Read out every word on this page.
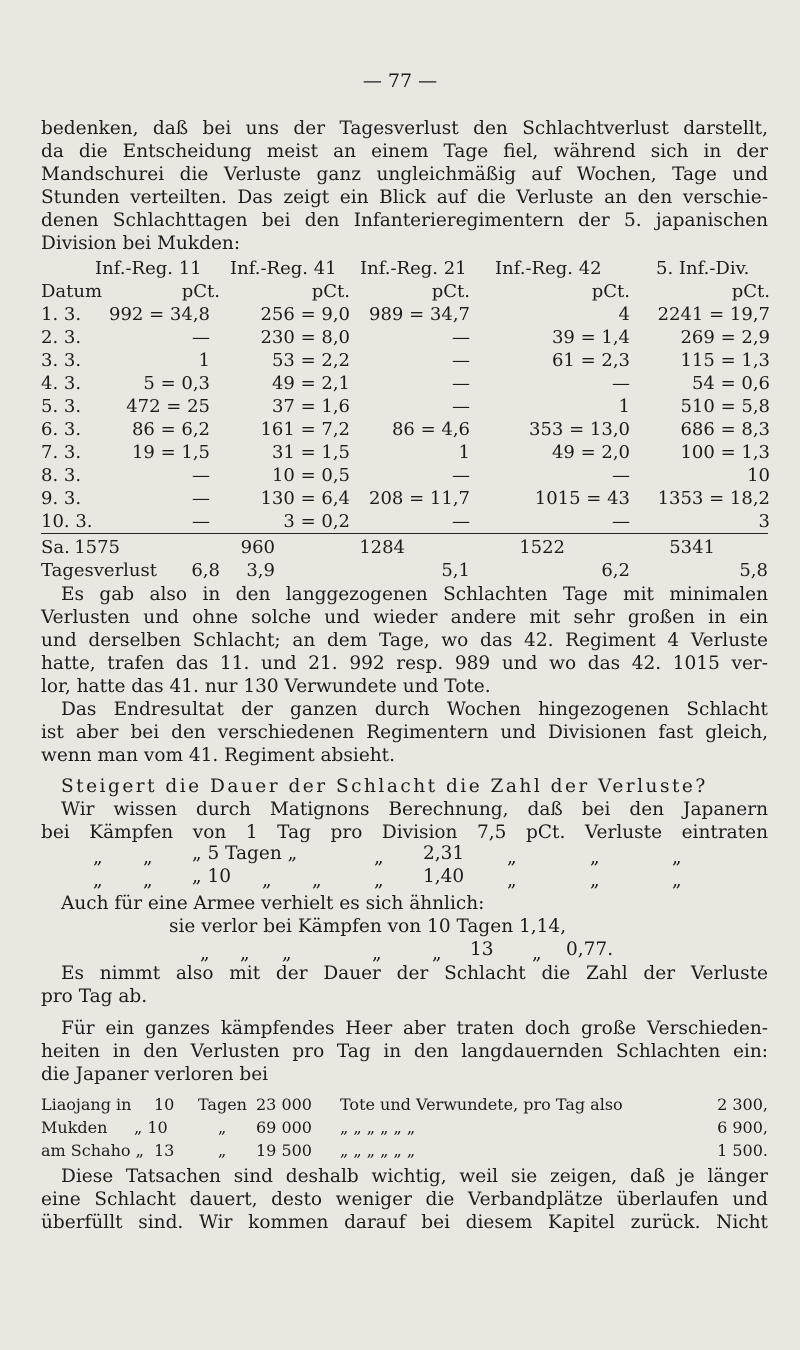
— 77 —
bedenken, daß bei uns der Tagesverlust den Schlachtverlust darstellt,
da die Entscheidung meist an einem Tage fiel, während sich in der
Mandschurei die Verluste ganz ungleichmäßig auf Wochen, Tage und
Stunden verteilten. Das zeigt ein Blick auf die Verluste an den verschie-
denen Schlachttagen bei den Infanterieregimentern der 5. japanischen
Division bei Mukden:
Inf.-Reg. 11 Inf.-Reg. 41 Inf.-Reg. 21 Inf.-Reg. 42	5. Inf.-Div.
Datum	pCt.	pCt.	pCt.	pCt.	pCt.
1. 3.	992 = 34,8	256 = 9,0	989 = 34,7	4	2241 = 19,7
2. 3.	—	230 = 8,0	—	39 = 1,4	269 = 2,9
3. 3.	1	53 = 2,2	—	61 = 2,3	115 = 1,3
4. 3.	5 = 0,3	49 = 2,1	—	—	54 = 0,6
5. 3.	472 = 25	37 = 1,6	—	1	510 = 5,8
6. 3.	86 = 6,2	161 = 7,2	86 = 4,6	353 = 13,0	686 = 8,3
7. 3.	19 = 1,5	31 = 1,5	1	49 = 2,0	100 = 1,3
8. 3.	—	10 = 0,5	—	—	10
9. 3.	—	130 = 6,4	208 = 11,7	1015 = 43	1353 = 18,2
10. 3.	—	3 = 0,2	—	—	3
Sa. 1575	960	1284	1522	5341
Tagesverlust	6,8	3,9	5,1	6,2	5,8
Es gab also in den langgezogenen Schlachten Tage mit minimalen
Verlusten und ohne solche und wieder andere mit sehr großen in ein
und derselben Schlacht; an dem Tage, wo das 42. Regiment 4 Verluste
hatte, trafen das 11. und 21. 992 resp. 989 und wo das 42. 1015 ver-
lor, hatte das 41. nur 130 Verwundete und Tote.
Das Endresultat der ganzen durch Wochen hingezogenen Schlacht
ist aber bei den verschiedenen Regimentern und Divisionen fast gleich,
wenn man vom 41. Regiment absieht.
Steigert die Dauer der Schlacht die Zahl der Verluste?
Wir wissen durch Matignons Berechnung, daß bei den Japanern
bei Kämpfen von 1 Tag pro Division 7,5 pCt. Verluste eintraten
„ „ „ 5 Tagen „	„ 2,31 „	„	„
„ „ „ 10 „ „	„ 1,40 „	„	„
Auch für eine Armee verhielt es sich ähnlich:
sie verlor bei Kämpfen von 10 Tagen 1,14,
„ „ „	„	„ 13 „ 0,77.
Es nimmt also mit der Dauer der Schlacht die Zahl der Verluste
pro Tag ab.
Für ein ganzes kämpfendes Heer aber traten doch große Verschieden-
heiten in den Verlusten pro Tag in den langdauernden Schlachten ein:
die Japaner verloren bei
Liaojang in 10 Tagen 23 000 Tote und Verwundete, pro Tag also	2 300,
Mukden „ 10	„ 69 000 „ „ „ „ „ „	6 900,
am Schaho „ 13	„ 19 500 „ „ „ „ „ „	1 500.
Diese Tatsachen sind deshalb wichtig, weil sie zeigen, daß je länger
eine Schlacht dauert, desto weniger die Verbandplätze überlaufen und
überfüllt sind. Wir kommen darauf bei diesem Kapitel zurück. Nicht
